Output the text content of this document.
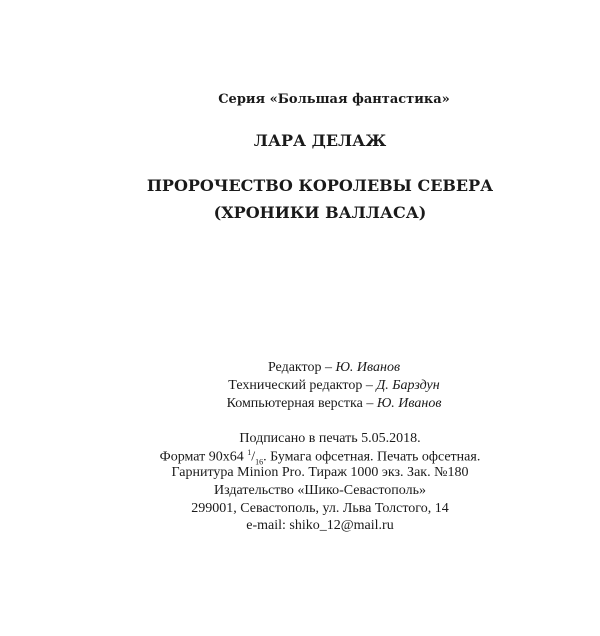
Серия «Большая фантастика»
ЛАРА ДЕЛАЖ
ПРОРОЧЕСТВО КОРОЛЕВЫ СЕВЕРА
(ХРОНИКИ ВАЛЛАСА)
Редактор – Ю. Иванов
Технический редактор – Д. Барздун
Компьютерная верстка – Ю. Иванов
Подписано в печать 5.05.2018.
Формат 90x64 $^1/_{16}$. Бумага офсетная. Печать офсетная.
Гарнитура Minion Pro. Тираж 1000 экз. Зак. №180
Издательство «Шико-Севастополь»
299001, Севастополь, ул. Льва Толстого, 14
e-mail: shiko_12@mail.ru
